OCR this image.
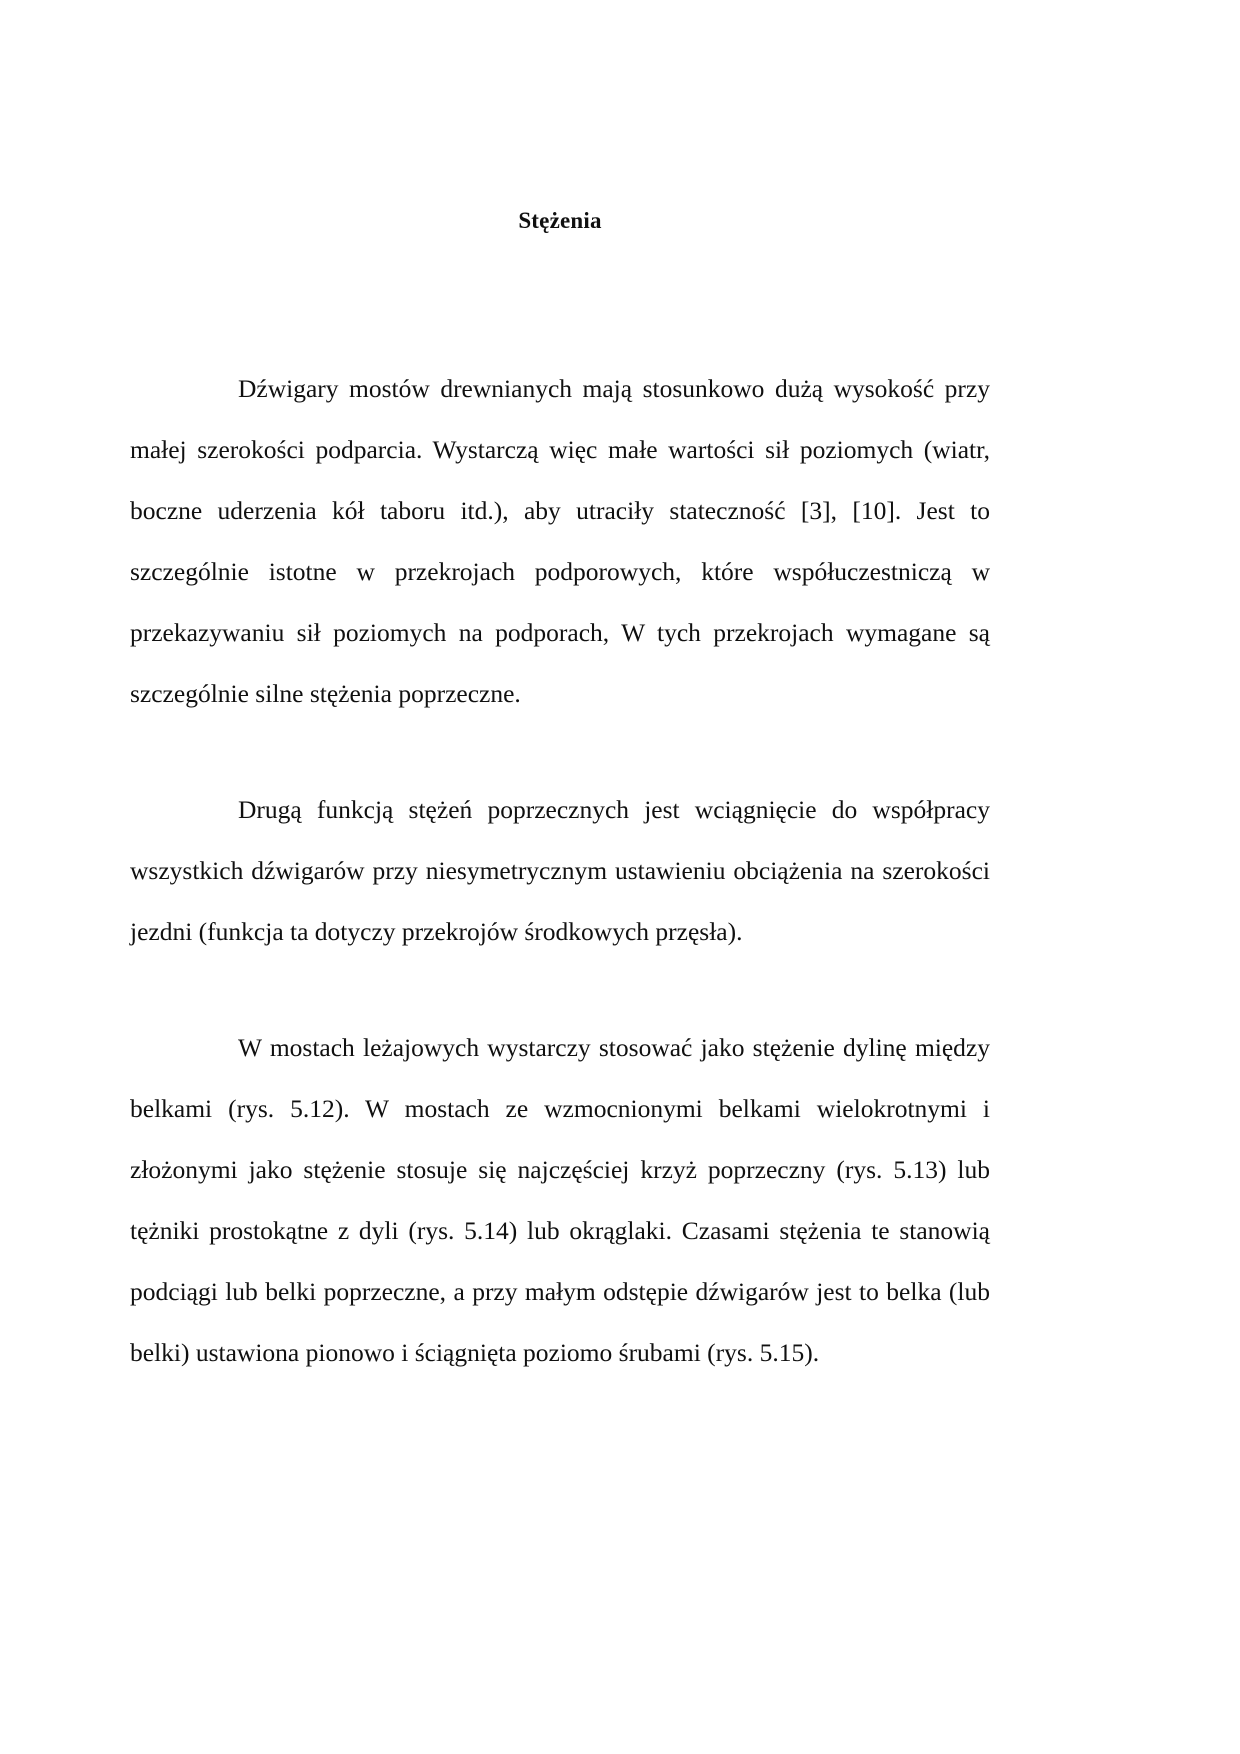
Stężenia

Dźwigary mostów drewnianych mają stosunkowo dużą wysokość przy małej szerokości podparcia. Wystarczą więc małe wartości sił poziomych (wiatr, boczne uderzenia kół taboru itd.), aby utraciły stateczność [3], [10]. Jest to szczególnie istotne w przekrojach podporowych, które współuczestniczą w przekazywaniu sił poziomych na podporach, W tych przekrojach wymagane są szczególnie silne stężenia poprzeczne.

Drugą funkcją stężeń poprzecznych jest wciągnięcie do współpracy wszystkich dźwigarów przy niesymetrycznym ustawieniu obciążenia na szerokości jezdni (funkcja ta dotyczy przekrojów środkowych przęsła).

W mostach leżajowych wystarczy stosować jako stężenie dylinę między belkami (rys. 5.12). W mostach ze wzmocnionymi belkami wielokrotnymi i złożonymi jako stężenie stosuje się najczęściej krzyż poprzeczny (rys. 5.13) lub tężniki prostokątne z dyli (rys. 5.14) lub okrąglaki. Czasami stężenia te stanowią podciągi lub belki poprzeczne, a przy małym odstępie dźwigarów jest to belka (lub belki) ustawiona pionowo i ściągnięta poziomo śrubami (rys. 5.15).
